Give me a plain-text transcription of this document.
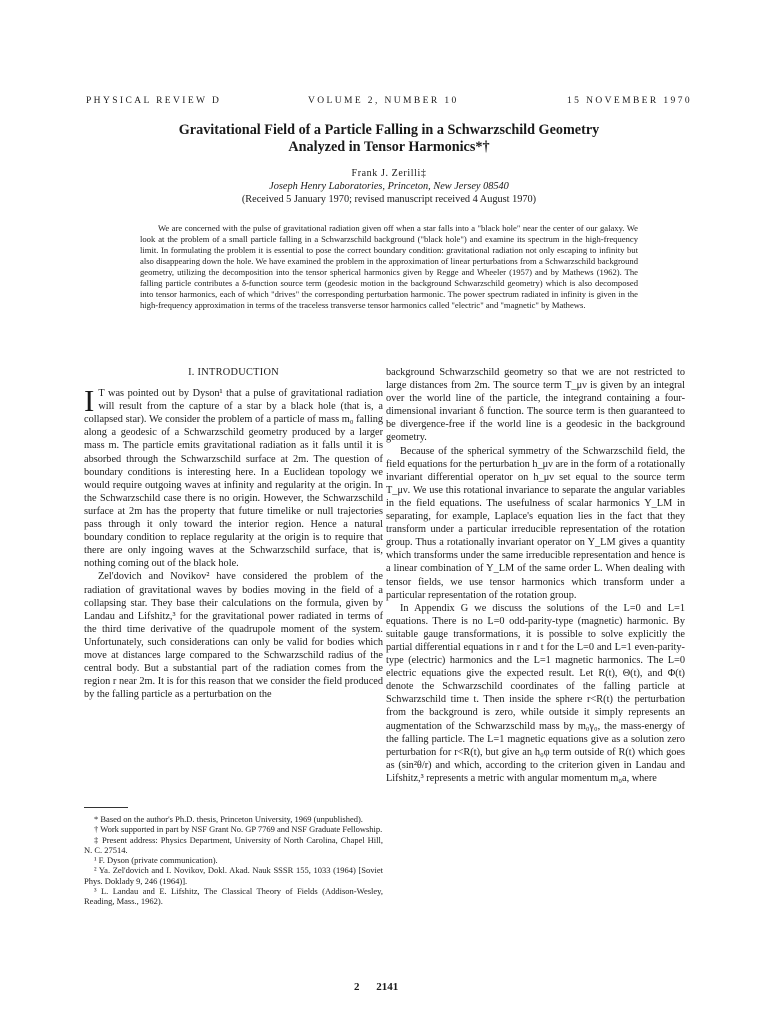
PHYSICAL REVIEW D	VOLUME 2, NUMBER 10	15 NOVEMBER 1970
Gravitational Field of a Particle Falling in a Schwarzschild Geometry
Analyzed in Tensor Harmonics*†
Frank J. Zerilli‡
Joseph Henry Laboratories, Princeton, New Jersey 08540
(Received 5 January 1970; revised manuscript received 4 August 1970)

We are concerned with the pulse of gravitational radiation given off when a star falls into a "black hole" near the center of our galaxy. We look at the problem of a small particle falling in a Schwarzschild background ("black hole") and examine its spectrum in the high-frequency limit. In formulating the problem it is essential to pose the correct boundary condition: gravitational radiation not only escaping to infinity but also disappearing down the hole. We have examined the problem in the approximation of linear perturbations from a Schwarzschild background geometry, utilizing the decomposition into the tensor spherical harmonics given by Regge and Wheeler (1957) and by Mathews (1962). The falling particle contributes a δ-function source term (geodesic motion in the background Schwarzschild geometry) which is also decomposed into tensor harmonics, each of which "drives" the corresponding perturbation harmonic. The power spectrum radiated in infinity is given in the high-frequency approximation in terms of the traceless transverse tensor harmonics called "electric" and "magnetic" by Mathews.

I. INTRODUCTION

I T was pointed out by Dyson¹ that a pulse of gravitational radiation will result from the capture of a star by a black hole (that is, a collapsed star). We consider the problem of a particle of mass m₀ falling along a geodesic of a Schwarzschild geometry produced by a larger mass m. The particle emits gravitational radiation as it falls until it is absorbed through the Schwarzschild surface at 2m. The question of boundary conditions is interesting here. In a Euclidean topology we would require outgoing waves at infinity and regularity at the origin. In the Schwarzschild case there is no origin. However, the Schwarzschild surface at 2m has the property that future timelike or null trajectories pass through it only toward the interior region. Hence a natural boundary condition to replace regularity at the origin is to require that there are only ingoing waves at the Schwarzschild surface, that is, nothing coming out of the black hole.

Zel'dovich and Novikov² have considered the problem of the radiation of gravitational waves by bodies moving in the field of a collapsing star. They base their calculations on the formula, given by Landau and Lifshitz,³ for the gravitational power radiated in terms of the third time derivative of the quadrupole moment of the system. Unfortunately, such considerations can only be valid for bodies which move at distances large compared to the Schwarzschild radius of the central body. But a substantial part of the radiation comes from the region r near 2m. It is for this reason that we consider the field produced by the falling particle as a perturbation on the

background Schwarzschild geometry so that we are not restricted to large distances from 2m. The source term T_μν is given by an integral over the world line of the particle, the integrand containing a four-dimensional invariant δ function. The source term is then guaranteed to be divergence-free if the world line is a geodesic in the background geometry.

Because of the spherical symmetry of the Schwarzschild field, the field equations for the perturbation h_μν are in the form of a rotationally invariant differential operator on h_μν set equal to the source term T_μν. We use this rotational invariance to separate the angular variables in the field equations. The usefulness of scalar harmonics Y_LM in separating, for example, Laplace's equation lies in the fact that they transform under a particular irreducible representation of the rotation group. Thus a rotationally invariant operator on Y_LM gives a quantity which transforms under the same irreducible representation and hence is a linear combination of Y_LM of the same order L. When dealing with tensor fields, we use tensor harmonics which transform under a particular representation of the rotation group.

In Appendix G we discuss the solutions of the L=0 and L=1 equations. There is no L=0 odd-parity-type (magnetic) harmonic. By suitable gauge transformations, it is possible to solve explicitly the partial differential equations in r and t for the L=0 and L=1 even-parity-type (electric) harmonics and the L=1 magnetic harmonics. The L=0 electric equations give the expected result. Let R(t), Θ(t), and Φ(t) denote the Schwarzschild coordinates of the falling particle at Schwarzschild time t. Then inside the sphere r<R(t) the perturbation from the background is zero, while outside it simply represents an augmentation of the Schwarzschild mass by m₀γ₀, the mass-energy of the falling particle. The L=1 magnetic equations give as a solution zero perturbation for r<R(t), but give an h₀φ term outside of R(t) which goes as (sin²θ/r) and which, according to the criterion given in Landau and Lifshitz,³ represents a metric with angular momentum m₀a, where

* Based on the author's Ph.D. thesis, Princeton University, 1969 (unpublished).

† Work supported in part by NSF Grant No. GP 7769 and NSF Graduate Fellowship.

‡ Present address: Physics Department, University of North Carolina, Chapel Hill, N. C. 27514.

¹ F. Dyson (private communication).

² Ya. Zel'dovich and I. Novikov, Dokl. Akad. Nauk SSSR 155, 1033 (1964) [Soviet Phys. Doklady 9, 246 (1964)].

³ L. Landau and E. Lifshitz, The Classical Theory of Fields (Addison-Wesley, Reading, Mass., 1962).

2 2141
